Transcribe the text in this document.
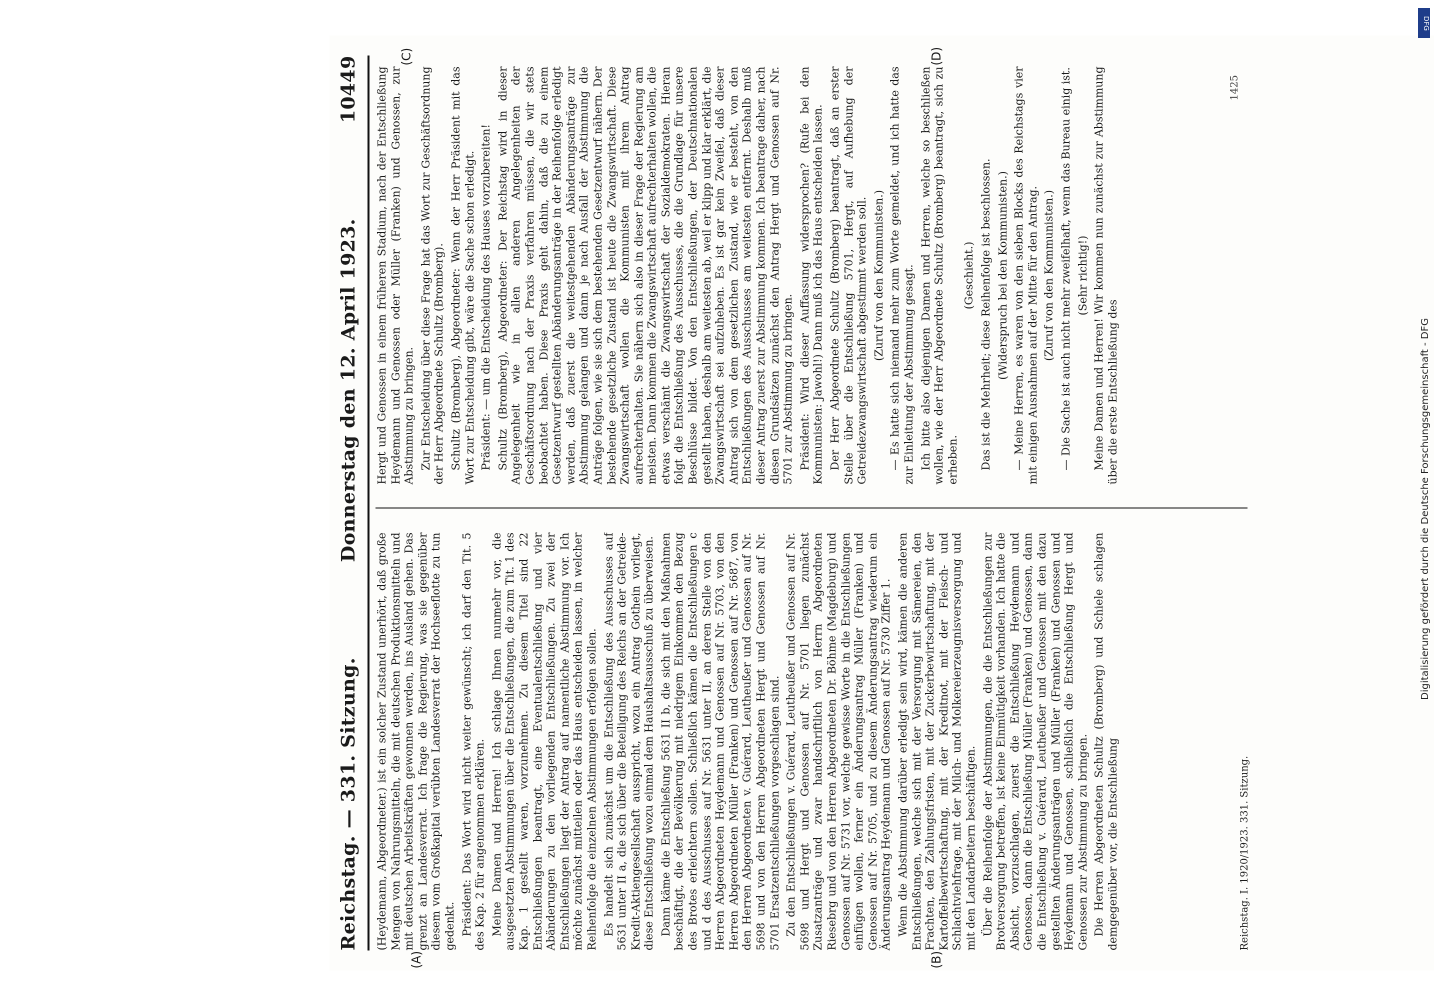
Reichstag. — 331. Sitzung.
Donnerstag den 12. April 1923.
10449
(A)	(B)
(C)	(D)

(Heydemann, Abgeordneter.) ist ein solcher Zustand unerhört, daß große Mengen von Nahrungsmitteln, die mit deutschen Produktionsmitteln und mit deutschen Arbeitskräften gewonnen werden, ins Ausland gehen. Das grenzt an Landesverrat. Ich frage die Regierung, was sie gegenüber diesem vom Großkapital verübten Landesverrat der Hochseeflotte zu tun gedenkt. Präsident: Das Wort wird nicht weiter gewünscht; ich darf den Tit. 5 des Kap. 2 für angenommen erklären. Meine Damen und Herren! Ich schlage Ihnen nunmehr vor, die ausgesetzten Abstimmungen über die Entschließungen, die zum Tit. 1 des Kap. 1 gestellt waren, vorzunehmen. Zu diesem Titel sind 22 Entschließungen beantragt, eine Eventualentschließung und vier Abänderungen zu den vorliegenden Entschließungen. Zu zwei der Entschließungen liegt der Antrag auf namentliche Abstimmung vor. Ich möchte zunächst mitteilen oder das Haus entscheiden lassen, in welcher Reihenfolge die einzelnen Abstimmungen erfolgen sollen. Es handelt sich zunächst um die Entschließung des Ausschusses auf 5631 unter II a, die sich über die Beteiligung des Reichs an der Getreide-Kredit-Aktiengesellschaft ausspricht, wozu ein Antrag Gothein vorliegt, diese Entschließung wozu einmal dem Haushaltsausschuß zu überweisen. Dann käme die Entschließung 5631 II b, die sich mit den Maßnahmen beschäftigt, die der Bevölkerung mit niedrigem Einkommen den Bezug des Brotes erleichtern sollen. Schließlich kämen die Entschließungen c und d des Ausschusses auf Nr. 5631 unter II, an deren Stelle von den Herren Abgeordneten Heydemann und Genossen auf Nr. 5703, von den Herren Abgeordneten Müller (Franken) und Genossen auf Nr. 5687, von den Herren Abgeordneten v. Guérard, Leutheußer und Genossen auf Nr. 5698 und von den Herren Abgeordneten Hergt und Genossen auf Nr. 5701 Ersatzentschließungen vorgeschlagen sind. Zu den Entschließungen v. Guérard, Leutheußer und Genossen auf Nr. 5698 und Hergt und Genossen auf Nr. 5701 liegen zunächst Zusatzanträge und zwar handschriftlich von Herrn Abgeordneten Riesebrg und von den Herren Abgeordneten Dr. Böhme (Magdeburg) und Genossen auf Nr. 5731 vor, welche gewisse Worte in die Entschließungen einfügen wollen, ferner ein Änderungsantrag Müller (Franken) und Genossen auf Nr. 5705, und zu diesem Änderungsantrag wiederum ein Änderungsantrag Heydemann und Genossen auf Nr. 5730 Ziffer 1. Wenn die Abstimmung darüber erledigt sein wird, kämen die anderen Entschließungen, welche sich mit der Versorgung mit Sämereien, den Frachten, den Zahlungsfristen, mit der Zuckerbewirtschaftung, mit der Kartoffelbewirtschaftung, mit der Kreditnot, mit der Fleisch- und Schlachtviehfrage, mit der Milch- und Molkereierzeugnisversorgung und mit den Landarbeitern beschäftigen. Über die Reihenfolge der Abstimmungen, die die Entschließungen zur Brotversorgung betreffen, ist keine Einmütigkeit vorhanden. Ich hatte die Absicht, vorzuschlagen, zuerst die Entschließung Heydemann und Genossen, dann die Entschließung Müller (Franken) und Genossen, dann die Entschließung v. Guérard, Leutheußer und Genossen mit den dazu gestellten Änderungsanträgen und Müller (Franken) und Genossen und Heydemann und Genossen, schließlich die Entschließung Hergt und Genossen zur Abstimmung zu bringen. Die Herren Abgeordneten Schultz (Bromberg) und Schiele schlagen demgegenüber vor, die Entschließung

Hergt und Genossen in einem früheren Stadium, nach der Entschließung Heydemann und Genossen oder Müller (Franken) und Genossen, zur Abstimmung zu bringen. Zur Entscheidung über diese Frage hat das Wort zur Geschäftsordnung der Herr Abgeordnete Schultz (Bromberg). Schultz (Bromberg), Abgeordneter: Wenn der Herr Präsident mit das Wort zur Entscheidung gibt, wäre die Sache schon erledigt. Präsident: — um die Entscheidung des Hauses vorzubereiten! Schultz (Bromberg), Abgeordneter: Der Reichstag wird in dieser Angelegenheit wie in allen anderen Angelegenheiten der Geschäftsordnung nach der Praxis verfahren müssen, die wir stets beobachtet haben. Diese Praxis geht dahin, daß die zu einem Gesetzentwurf gestellten Abänderungsanträge in der Reihenfolge erledigt werden, daß zuerst die weitestgehenden Abänderungsanträge zur Abstimmung gelangen und dann je nach Ausfall der Abstimmung die Anträge folgen, wie sie sich dem bestehenden Gesetzentwurf nähern. Der bestehende gesetzliche Zustand ist heute die Zwangswirtschaft. Diese Zwangswirtschaft wollen die Kommunisten mit ihrem Antrag aufrechterhalten. Sie nähern sich also in dieser Frage der Regierung am meisten. Dann kommen die Zwangswirtschaft aufrechterhalten wollen, die etwas verschämt die Zwangswirtschaft der Sozialdemokraten. Hieran folgt die Entschließung des Ausschusses, die die Grundlage für unsere Beschlüsse bildet. Von den Entschließungen, der Deutschnationalen gestellt haben, deshalb am weitesten ab, weil er klipp und klar erklärt, die Zwangswirtschaft sei aufzuheben. Es ist gar kein Zweifel, daß dieser Antrag sich von dem gesetzlichen Zustand, wie er besteht, von den Entschließungen des Ausschusses am weitesten entfernt. Deshalb muß dieser Antrag zuerst zur Abstimmung kommen. Ich beantrage daher, nach diesen Grundsätzen zunächst den Antrag Hergt und Genossen auf Nr. 5701 zur Abstimmung zu bringen. Präsident: Wird dieser Auffassung widersprochen? (Rufe bei den Kommunisten: Jawohl!) Dann muß ich das Haus entscheiden lassen. Der Herr Abgeordnete Schultz (Bromberg) beantragt, daß an erster Stelle über die Entschließung 5701, Hergt, auf Aufhebung der Getreidezwangswirtschaft abgestimmt werden soll. (Zuruf von den Kommunisten.) — Es hatte sich niemand mehr zum Worte gemeldet, und ich hatte das zur Einleitung der Abstimmung gesagt. Ich bitte also diejenigen Damen und Herren, welche so beschließen wollen, wie der Herr Abgeordnete Schultz (Bromberg) beantragt, sich zu erheben.

(Geschieht.) Das ist die Mehrheit; diese Reihenfolge ist beschlossen. (Widerspruch bei den Kommunisten.) — Meine Herren, es waren von den sieben Blocks des Reichstags vier mit einigen Ausnahmen auf der Mitte für den Antrag. (Zuruf von den Kommunisten.) — Die Sache ist auch nicht mehr zweifelhaft, wenn das Bureau einig ist. (Sehr richtig!) Meine Damen und Herren! Wir kommen nun zunächst zur Abstimmung über die erste Entschließung des

Reichstag. I. 1920/1923. 331. Sitzung.
1425
DFG
Digitalisierung gefördert durch die Deutsche Forschungsgemeinschaft - DFG
